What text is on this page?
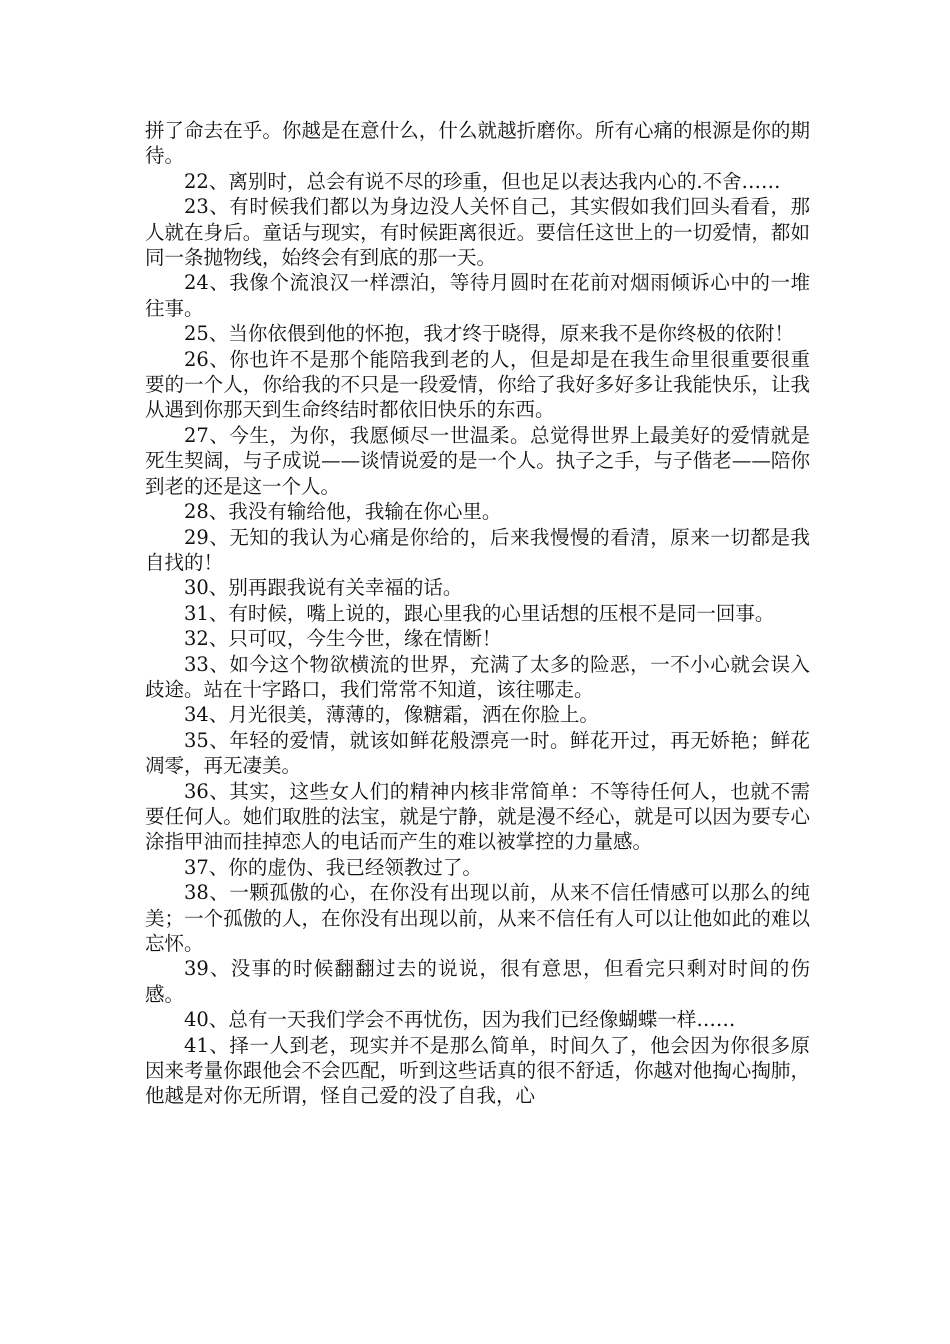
拼了命去在乎。你越是在意什么，什么就越折磨你。所有心痛的根源是你的期待。

22、离别时，总会有说不尽的珍重，但也足以表达我内心的.不舍……

23、有时候我们都以为身边没人关怀自己，其实假如我们回头看看，那人就在身后。童话与现实，有时候距离很近。要信任这世上的一切爱情，都如同一条抛物线，始终会有到底的那一天。

24、我像个流浪汉一样漂泊，等待月圆时在花前对烟雨倾诉心中的一堆往事。

25、当你依偎到他的怀抱，我才终于晓得，原来我不是你终极的依附！

26、你也许不是那个能陪我到老的人，但是却是在我生命里很重要很重要的一个人，你给我的不只是一段爱情，你给了我好多好多让我能快乐，让我从遇到你那天到生命终结时都依旧快乐的东西。

27、今生，为你，我愿倾尽一世温柔。总觉得世界上最美好的爱情就是死生契阔，与子成说——谈情说爱的是一个人。执子之手，与子偕老——陪你到老的还是这一个人。

28、我没有输给他，我输在你心里。

29、无知的我认为心痛是你给的，后来我慢慢的看清，原来一切都是我自找的！

30、别再跟我说有关幸福的话。

31、有时候，嘴上说的，跟心里我的心里话想的压根不是同一回事。

32、只可叹，今生今世，缘在情断！

33、如今这个物欲横流的世界，充满了太多的险恶，一不小心就会误入歧途。站在十字路口，我们常常不知道，该往哪走。

34、月光很美，薄薄的，像糖霜，洒在你脸上。

35、年轻的爱情，就该如鲜花般漂亮一时。鲜花开过，再无娇艳；鲜花凋零，再无凄美。

36、其实，这些女人们的精神内核非常简单：不等待任何人，也就不需要任何人。她们取胜的法宝，就是宁静，就是漫不经心，就是可以因为要专心涂指甲油而挂掉恋人的电话而产生的难以被掌控的力量感。

37、你的虚伪、我已经领教过了。

38、一颗孤傲的心，在你没有出现以前，从来不信任情感可以那么的纯美；一个孤傲的人，在你没有出现以前，从来不信任有人可以让他如此的难以忘怀。

39、没事的时候翻翻过去的说说，很有意思，但看完只剩对时间的伤感。

40、总有一天我们学会不再忧伤，因为我们已经像蝴蝶一样……

41、择一人到老，现实并不是那么简单，时间久了，他会因为你很多原因来考量你跟他会不会匹配，听到这些话真的很不舒适，你越对他掏心掏肺，他越是对你无所谓，怪自己爱的没了自我，心
